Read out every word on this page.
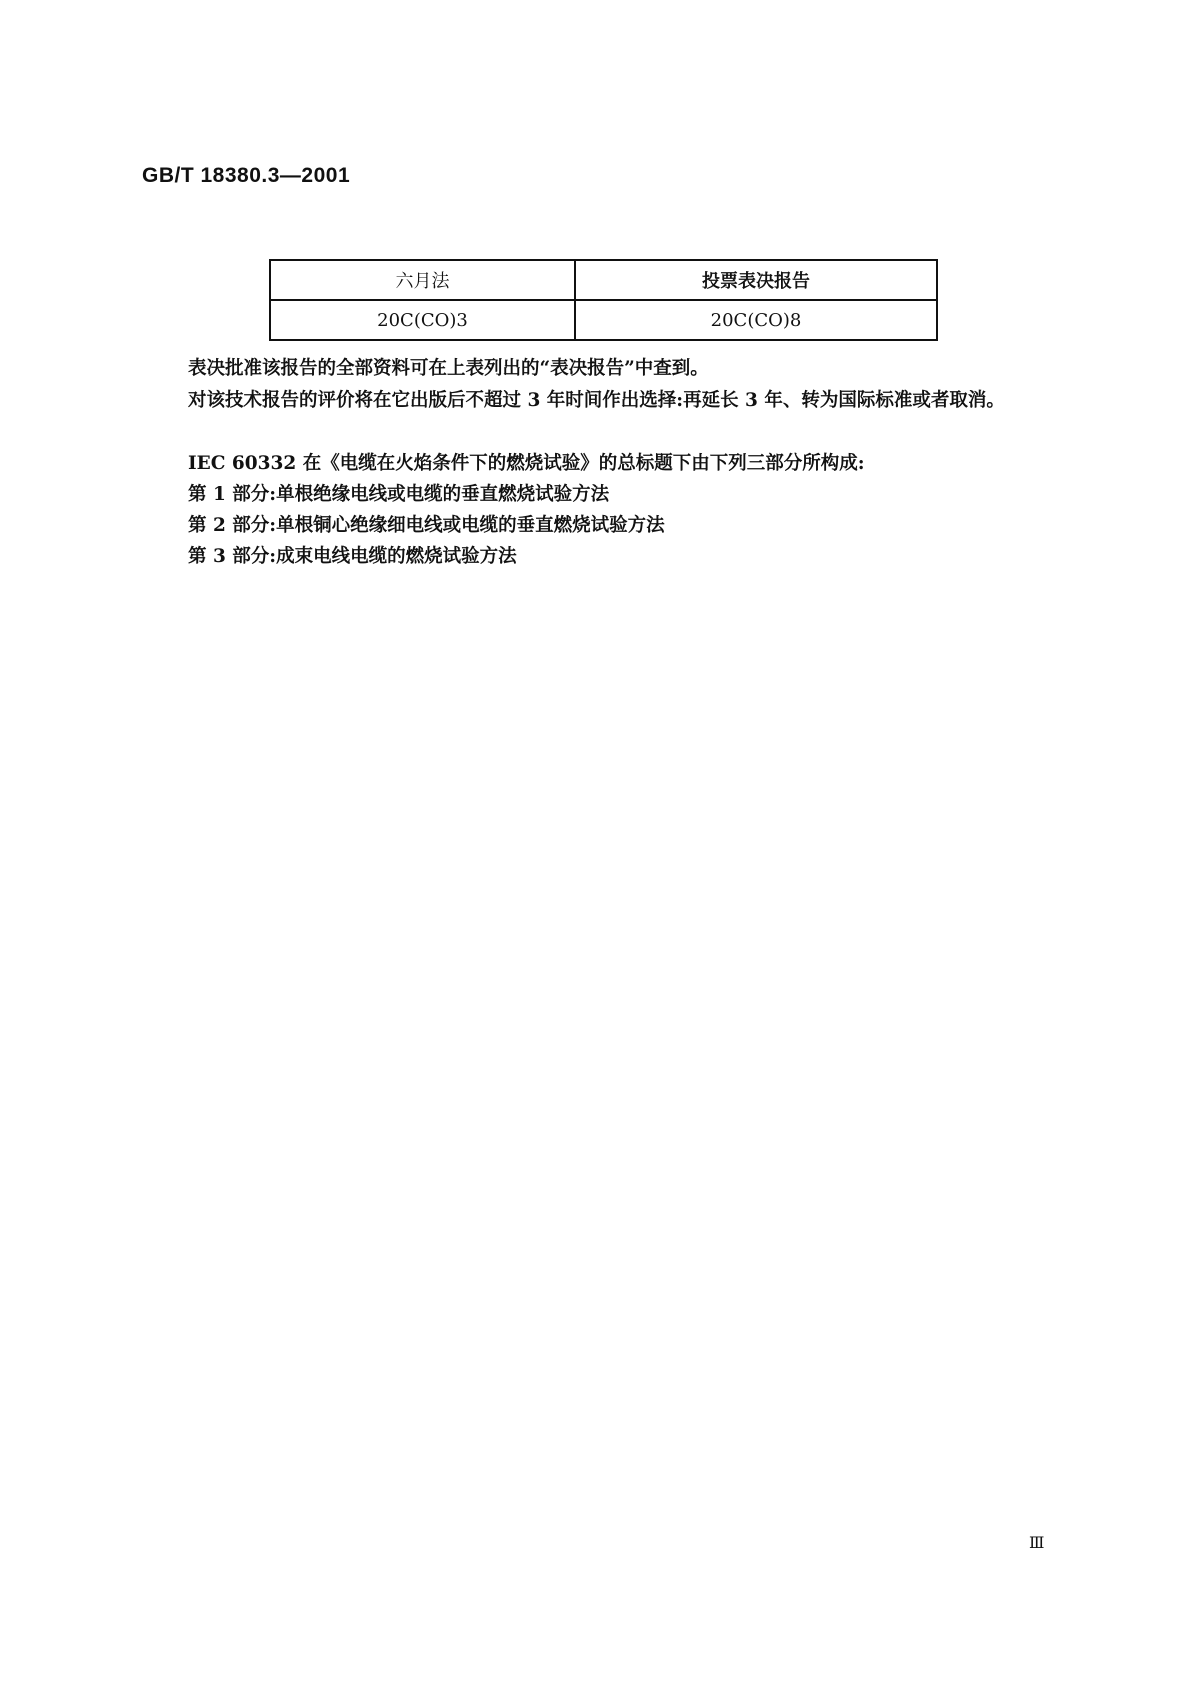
GB/T 18380.3—2001

六月法	投票表决报告
20C(CO)3	20C(CO)8

表决批准该报告的全部资料可在上表列出的“表决报告”中查到。

对该技术报告的评价将在它出版后不超过 3 年时间作出选择:再延长 3 年、转为国际标准或者取消。

IEC 60332 在《电缆在火焰条件下的燃烧试验》的总标题下由下列三部分所构成:

第 1 部分:单根绝缘电线或电缆的垂直燃烧试验方法
第 2 部分:单根铜心绝缘细电线或电缆的垂直燃烧试验方法
第 3 部分:成束电线电缆的燃烧试验方法

Ⅲ
